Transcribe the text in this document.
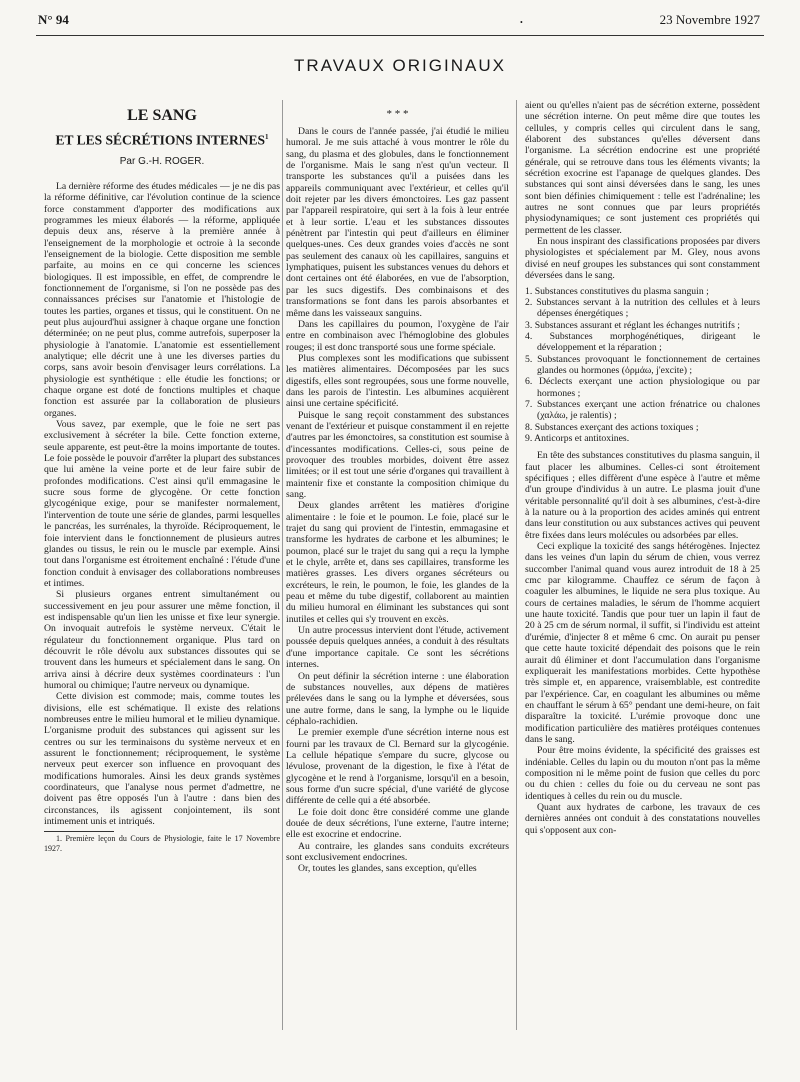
N° 94	•	23 Novembre 1927
TRAVAUX ORIGINAUX
LE SANG
ET LES SÉCRÉTIONS INTERNES$^1$
Par G.-H. ROGER.

La dernière réforme des études médicales — je ne dis pas la réforme définitive, car l'évolution continue de la science force constamment d'apporter des modifications aux programmes les mieux élaborés — la réforme, appliquée depuis deux ans, réserve à la première année à l'enseignement de la morphologie et octroie à la seconde l'enseignement de la biologie. Cette disposition me semble parfaite, au moins en ce qui concerne les sciences biologiques. Il est impossible, en effet, de comprendre le fonctionnement de l'organisme, si l'on ne possède pas des connaissances précises sur l'anatomie et l'histologie de toutes les parties, organes et tissus, qui le constituent. On ne peut plus aujourd'hui assigner à chaque organe une fonction déterminée; on ne peut plus, comme autrefois, superposer la physiologie à l'anatomie. L'anatomie est essentiellement analytique; elle décrit une à une les diverses parties du corps, sans avoir besoin d'envisager leurs corrélations. La physiologie est synthétique : elle étudie les fonctions; or chaque organe est doté de fonctions multiples et chaque fonction est assurée par la collaboration de plusieurs organes.

Vous savez, par exemple, que le foie ne sert pas exclusivement à sécréter la bile. Cette fonction externe, seule apparente, est peut-être la moins importante de toutes. Le foie possède le pouvoir d'arrêter la plupart des substances que lui amène la veine porte et de leur faire subir de profondes modifications. C'est ainsi qu'il emmagasine le sucre sous forme de glycogène. Or cette fonction glycogénique exige, pour se manifester normalement, l'intervention de toute une série de glandes, parmi lesquelles le pancréas, les surrénales, la thyroïde. Réciproquement, le foie intervient dans le fonctionnement de plusieurs autres glandes ou tissus, le rein ou le muscle par exemple. Ainsi tout dans l'organisme est étroitement enchaîné : l'étude d'une fonction conduit à envisager des collaborations nombreuses et intimes.

Si plusieurs organes entrent simultanément ou successivement en jeu pour assurer une même fonction, il est indispensable qu'un lien les unisse et fixe leur synergie. On invoquait autrefois le système nerveux. C'était le régulateur du fonctionnement organique. Plus tard on découvrit le rôle dévolu aux substances dissoutes qui se trouvent dans les humeurs et spécialement dans le sang. On arriva ainsi à décrire deux systèmes coordinateurs : l'un humoral ou chimique; l'autre nerveux ou dynamique.

Cette division est commode; mais, comme toutes les divisions, elle est schématique. Il existe des relations nombreuses entre le milieu humoral et le milieu dynamique. L'organisme produit des substances qui agissent sur les centres ou sur les terminaisons du système nerveux et en assurent le fonctionnement; réciproquement, le système nerveux peut exercer son influence en provoquant des modifications humorales. Ainsi les deux grands systèmes coordinateurs, que l'analyse nous permet d'admettre, ne doivent pas être opposés l'un à l'autre : dans bien des circonstances, ils agissent conjointement, ils sont intimement unis et intriqués.

1. Première leçon du Cours de Physiologie, faite le 17 Novembre 1927.

* * *

Dans le cours de l'année passée, j'ai étudié le milieu humoral. Je me suis attaché à vous montrer le rôle du sang, du plasma et des globules, dans le fonctionnement de l'organisme. Mais le sang n'est qu'un vecteur. Il transporte les substances qu'il a puisées dans les appareils communiquant avec l'extérieur, et celles qu'il doit rejeter par les divers émonctoires. Les gaz passent par l'appareil respiratoire, qui sert à la fois à leur entrée et à leur sortie. L'eau et les substances dissoutes pénètrent par l'intestin qui peut d'ailleurs en éliminer quelques-unes. Ces deux grandes voies d'accès ne sont pas seulement des canaux où les capillaires, sanguins et lymphatiques, puisent les substances venues du dehors et dont certaines ont été élaborées, en vue de l'absorption, par les sucs digestifs. Des combinaisons et des transformations se font dans les parois absorbantes et même dans les vaisseaux sanguins.

Dans les capillaires du poumon, l'oxygène de l'air entre en combinaison avec l'hémoglobine des globules rouges; il est donc transporté sous une forme spéciale.

Plus complexes sont les modifications que subissent les matières alimentaires. Décomposées par les sucs digestifs, elles sont regroupées, sous une forme nouvelle, dans les parois de l'intestin. Les albumines acquièrent ainsi une certaine spécificité.

Puisque le sang reçoit constamment des substances venant de l'extérieur et puisque constamment il en rejette d'autres par les émonctoires, sa constitution est soumise à d'incessantes modifications. Celles-ci, sous peine de provoquer des troubles morbides, doivent être assez limitées; or il est tout une série d'organes qui travaillent à maintenir fixe et constante la composition chimique du sang.

Deux glandes arrêtent les matières d'origine alimentaire : le foie et le poumon. Le foie, placé sur le trajet du sang qui provient de l'intestin, emmagasine et transforme les hydrates de carbone et les albumines; le poumon, placé sur le trajet du sang qui a reçu la lymphe et le chyle, arrête et, dans ses capillaires, transforme les matières grasses. Les divers organes sécréteurs ou excréteurs, le rein, le poumon, le foie, les glandes de la peau et même du tube digestif, collaborent au maintien du milieu humoral en éliminant les substances qui sont inutiles et celles qui s'y trouvent en excès.

Un autre processus intervient dont l'étude, activement poussée depuis quelques années, a conduit à des résultats d'une importance capitale. Ce sont les sécrétions internes.

On peut définir la sécrétion interne : une élaboration de substances nouvelles, aux dépens de matières prélevées dans le sang ou la lymphe et déversées, sous une autre forme, dans le sang, la lymphe ou le liquide céphalo-rachidien.

Le premier exemple d'une sécrétion interne nous est fourni par les travaux de Cl. Bernard sur la glycogénie. La cellule hépatique s'empare du sucre, glycose ou lévulose, provenant de la digestion, le fixe à l'état de glycogène et le rend à l'organisme, lorsqu'il en a besoin, sous forme d'un sucre spécial, d'une variété de glycose différente de celle qui a été absorbée.

Le foie doit donc être considéré comme une glande douée de deux sécrétions, l'une externe, l'autre interne; elle est exocrine et endocrine.

Au contraire, les glandes sans conduits excréteurs sont exclusivement endocrines.

Or, toutes les glandes, sans exception, qu'elles

aient ou qu'elles n'aient pas de sécrétion externe, possèdent une sécrétion interne. On peut même dire que toutes les cellules, y compris celles qui circulent dans le sang, élaborent des substances qu'elles déversent dans l'organisme. La sécrétion endocrine est une propriété générale, qui se retrouve dans tous les éléments vivants; la sécrétion exocrine est l'apanage de quelques glandes. Des substances qui sont ainsi déversées dans le sang, les unes sont bien définies chimiquement : telle est l'adrénaline; les autres ne sont connues que par leurs propriétés physiodynamiques; ce sont justement ces propriétés qui permettent de les classer.

En nous inspirant des classifications proposées par divers physiologistes et spécialement par M. Gley, nous avons divisé en neuf groupes les substances qui sont constamment déversées dans le sang.

1. Substances constitutives du plasma sanguin ;
2. Substances servant à la nutrition des cellules et à leurs dépenses énergétiques ;
3. Substances assurant et réglant les échanges nutritifs ;
4. Substances morphogénétiques, dirigeant le développement et la réparation ;
5. Substances provoquant le fonctionnement de certaines glandes ou hormones (ὁρμάω, j'excite) ;
6. Déclects exerçant une action physiologique ou par hormones ;
7. Substances exerçant une action frénatrice ou chalones (χαλάω, je ralentis) ;
8. Substances exerçant des actions toxiques ;
9. Anticorps et antitoxines.

En tête des substances constitutives du plasma sanguin, il faut placer les albumines. Celles-ci sont étroitement spécifiques ; elles diffèrent d'une espèce à l'autre et même d'un groupe d'individus à un autre. Le plasma jouit d'une véritable personnalité qu'il doit à ses albumines, c'est-à-dire à la nature ou à la proportion des acides aminés qui entrent dans leur constitution ou aux substances actives qui peuvent être fixées dans leurs molécules ou adsorbées par elles.

Ceci explique la toxicité des sangs hétérogènes. Injectez dans les veines d'un lapin du sérum de chien, vous verrez succomber l'animal quand vous aurez introduit de 18 à 25 cmc par kilogramme. Chauffez ce sérum de façon à coaguler les albumines, le liquide ne sera plus toxique. Au cours de certaines maladies, le sérum de l'homme acquiert une haute toxicité. Tandis que pour tuer un lapin il faut de 20 à 25 cm de sérum normal, il suffit, si l'individu est atteint d'urémie, d'injecter 8 et même 6 cmc. On aurait pu penser que cette haute toxicité dépendait des poisons que le rein aurait dû éliminer et dont l'accumulation dans l'organisme expliquerait les manifestations morbides. Cette hypothèse très simple et, en apparence, vraisemblable, est contredite par l'expérience. Car, en coagulant les albumines ou même en chauffant le sérum à 65° pendant une demi-heure, on fait disparaître la toxicité. L'urémie provoque donc une modification particulière des matières protéiques contenues dans le sang.

Pour être moins évidente, la spécificité des graisses est indéniable. Celles du lapin ou du mouton n'ont pas la même composition ni le même point de fusion que celles du porc ou du chien : celles du foie ou du cerveau ne sont pas identiques à celles du rein ou du muscle.

Quant aux hydrates de carbone, les travaux de ces dernières années ont conduit à des constatations nouvelles qui s'opposent aux con-
